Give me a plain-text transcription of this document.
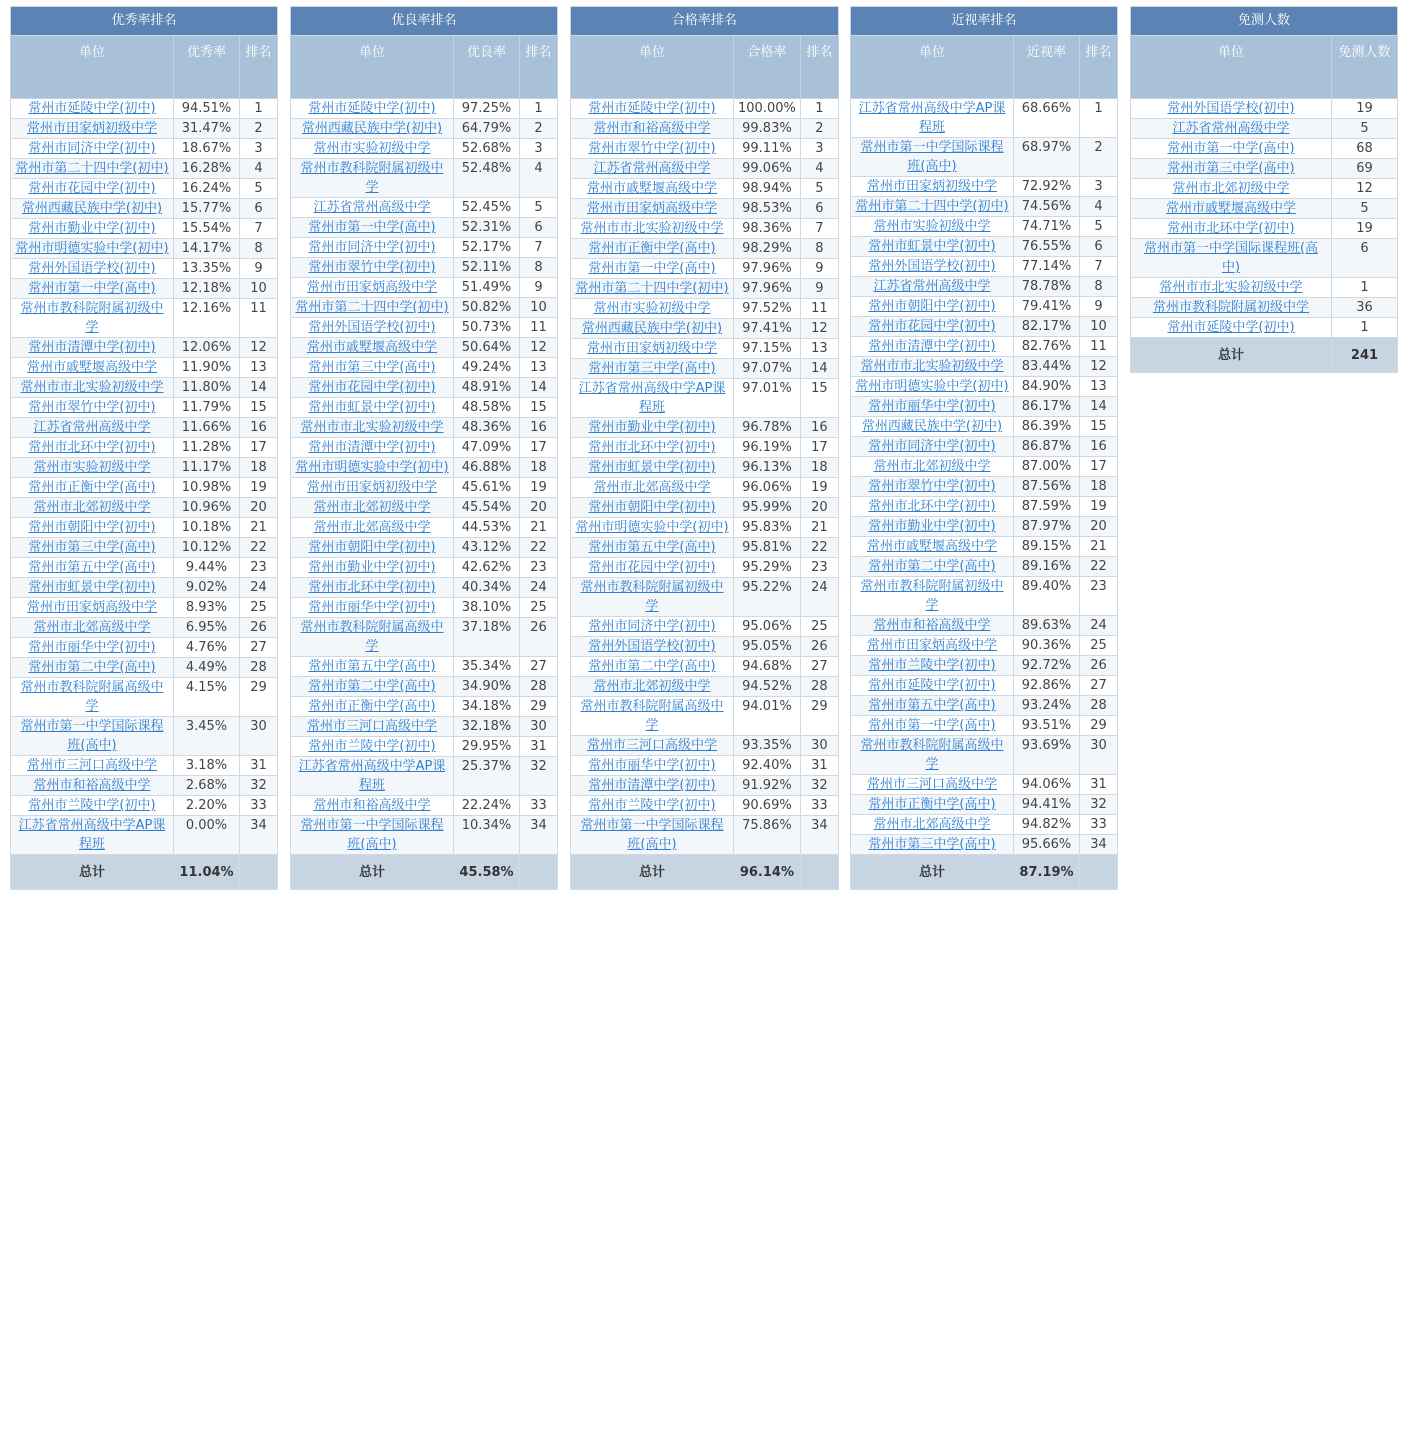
优秀率排名		
单位	优秀率	排名
常州市延陵中学(初中)	94.51%	1
常州市田家炳初级中学	31.47%	2
常州市同济中学(初中)	18.67%	3
常州市第二十四中学(初中)	16.28%	4
常州市花园中学(初中)	16.24%	5
常州西藏民族中学(初中)	15.77%	6
常州市勤业中学(初中)	15.54%	7
常州市明德实验中学(初中)	14.17%	8
常州外国语学校(初中)	13.35%	9
常州市第一中学(高中)	12.18%	10
常州市教科院附属初级中学	12.16%	11
常州市清潭中学(初中)	12.06%	12
常州市戚墅堰高级中学	11.90%	13
常州市市北实验初级中学	11.80%	14
常州市翠竹中学(初中)	11.79%	15
江苏省常州高级中学	11.66%	16
常州市北环中学(初中)	11.28%	17
常州市实验初级中学	11.17%	18
常州市正衡中学(高中)	10.98%	19
常州市北郊初级中学	10.96%	20
常州市朝阳中学(初中)	10.18%	21
常州市第三中学(高中)	10.12%	22
常州市第五中学(高中)	9.44%	23
常州市虹景中学(初中)	9.02%	24
常州市田家炳高级中学	8.93%	25
常州市北郊高级中学	6.95%	26
常州市丽华中学(初中)	4.76%	27
常州市第二中学(高中)	4.49%	28
常州市教科院附属高级中学	4.15%	29
常州市第一中学国际课程班(高中)	3.45%	30
常州市三河口高级中学	3.18%	31
常州市和裕高级中学	2.68%	32
常州市兰陵中学(初中)	2.20%	33
江苏省常州高级中学AP课程班	0.00%	34
总计	11.04%	
优良率排名		
单位	优良率	排名
常州市延陵中学(初中)	97.25%	1
常州西藏民族中学(初中)	64.79%	2
常州市实验初级中学	52.68%	3
常州市教科院附属初级中学	52.48%	4
江苏省常州高级中学	52.45%	5
常州市第一中学(高中)	52.31%	6
常州市同济中学(初中)	52.17%	7
常州市翠竹中学(初中)	52.11%	8
常州市田家炳高级中学	51.49%	9
常州市第二十四中学(初中)	50.82%	10
常州外国语学校(初中)	50.73%	11
常州市戚墅堰高级中学	50.64%	12
常州市第三中学(高中)	49.24%	13
常州市花园中学(初中)	48.91%	14
常州市虹景中学(初中)	48.58%	15
常州市市北实验初级中学	48.36%	16
常州市清潭中学(初中)	47.09%	17
常州市明德实验中学(初中)	46.88%	18
常州市田家炳初级中学	45.61%	19
常州市北郊初级中学	45.54%	20
常州市北郊高级中学	44.53%	21
常州市朝阳中学(初中)	43.12%	22
常州市勤业中学(初中)	42.62%	23
常州市北环中学(初中)	40.34%	24
常州市丽华中学(初中)	38.10%	25
常州市教科院附属高级中学	37.18%	26
常州市第五中学(高中)	35.34%	27
常州市第二中学(高中)	34.90%	28
常州市正衡中学(高中)	34.18%	29
常州市三河口高级中学	32.18%	30
常州市兰陵中学(初中)	29.95%	31
江苏省常州高级中学AP课程班	25.37%	32
常州市和裕高级中学	22.24%	33
常州市第一中学国际课程班(高中)	10.34%	34
总计	45.58%	
合格率排名		
单位	合格率	排名
常州市延陵中学(初中)	100.00%	1
常州市和裕高级中学	99.83%	2
常州市翠竹中学(初中)	99.11%	3
江苏省常州高级中学	99.06%	4
常州市戚墅堰高级中学	98.94%	5
常州市田家炳高级中学	98.53%	6
常州市市北实验初级中学	98.36%	7
常州市正衡中学(高中)	98.29%	8
常州市第一中学(高中)	97.96%	9
常州市第二十四中学(初中)	97.96%	9
常州市实验初级中学	97.52%	11
常州西藏民族中学(初中)	97.41%	12
常州市田家炳初级中学	97.15%	13
常州市第三中学(高中)	97.07%	14
江苏省常州高级中学AP课程班	97.01%	15
常州市勤业中学(初中)	96.78%	16
常州市北环中学(初中)	96.19%	17
常州市虹景中学(初中)	96.13%	18
常州市北郊高级中学	96.06%	19
常州市朝阳中学(初中)	95.99%	20
常州市明德实验中学(初中)	95.83%	21
常州市第五中学(高中)	95.81%	22
常州市花园中学(初中)	95.29%	23
常州市教科院附属初级中学	95.22%	24
常州市同济中学(初中)	95.06%	25
常州外国语学校(初中)	95.05%	26
常州市第二中学(高中)	94.68%	27
常州市北郊初级中学	94.52%	28
常州市教科院附属高级中学	94.01%	29
常州市三河口高级中学	93.35%	30
常州市丽华中学(初中)	92.40%	31
常州市清潭中学(初中)	91.92%	32
常州市兰陵中学(初中)	90.69%	33
常州市第一中学国际课程班(高中)	75.86%	34
总计	96.14%	
近视率排名		
单位	近视率	排名
江苏省常州高级中学AP课程班	68.66%	1
常州市第一中学国际课程班(高中)	68.97%	2
常州市田家炳初级中学	72.92%	3
常州市第二十四中学(初中)	74.56%	4
常州市实验初级中学	74.71%	5
常州市虹景中学(初中)	76.55%	6
常州外国语学校(初中)	77.14%	7
江苏省常州高级中学	78.78%	8
常州市朝阳中学(初中)	79.41%	9
常州市花园中学(初中)	82.17%	10
常州市清潭中学(初中)	82.76%	11
常州市市北实验初级中学	83.44%	12
常州市明德实验中学(初中)	84.90%	13
常州市丽华中学(初中)	86.17%	14
常州西藏民族中学(初中)	86.39%	15
常州市同济中学(初中)	86.87%	16
常州市北郊初级中学	87.00%	17
常州市翠竹中学(初中)	87.56%	18
常州市北环中学(初中)	87.59%	19
常州市勤业中学(初中)	87.97%	20
常州市戚墅堰高级中学	89.15%	21
常州市第二中学(高中)	89.16%	22
常州市教科院附属初级中学	89.40%	23
常州市和裕高级中学	89.63%	24
常州市田家炳高级中学	90.36%	25
常州市兰陵中学(初中)	92.72%	26
常州市延陵中学(初中)	92.86%	27
常州市第五中学(高中)	93.24%	28
常州市第一中学(高中)	93.51%	29
常州市教科院附属高级中学	93.69%	30
常州市三河口高级中学	94.06%	31
常州市正衡中学(高中)	94.41%	32
常州市北郊高级中学	94.82%	33
常州市第三中学(高中)	95.66%	34
总计	87.19%	
免测人数	
单位	免测人数
常州外国语学校(初中)	19
江苏省常州高级中学	5
常州市第一中学(高中)	68
常州市第三中学(高中)	69
常州市北郊初级中学	12
常州市戚墅堰高级中学	5
常州市北环中学(初中)	19
常州市第一中学国际课程班(高中)	6
常州市市北实验初级中学	1
常州市教科院附属初级中学	36
常州市延陵中学(初中)	1
总计	241
